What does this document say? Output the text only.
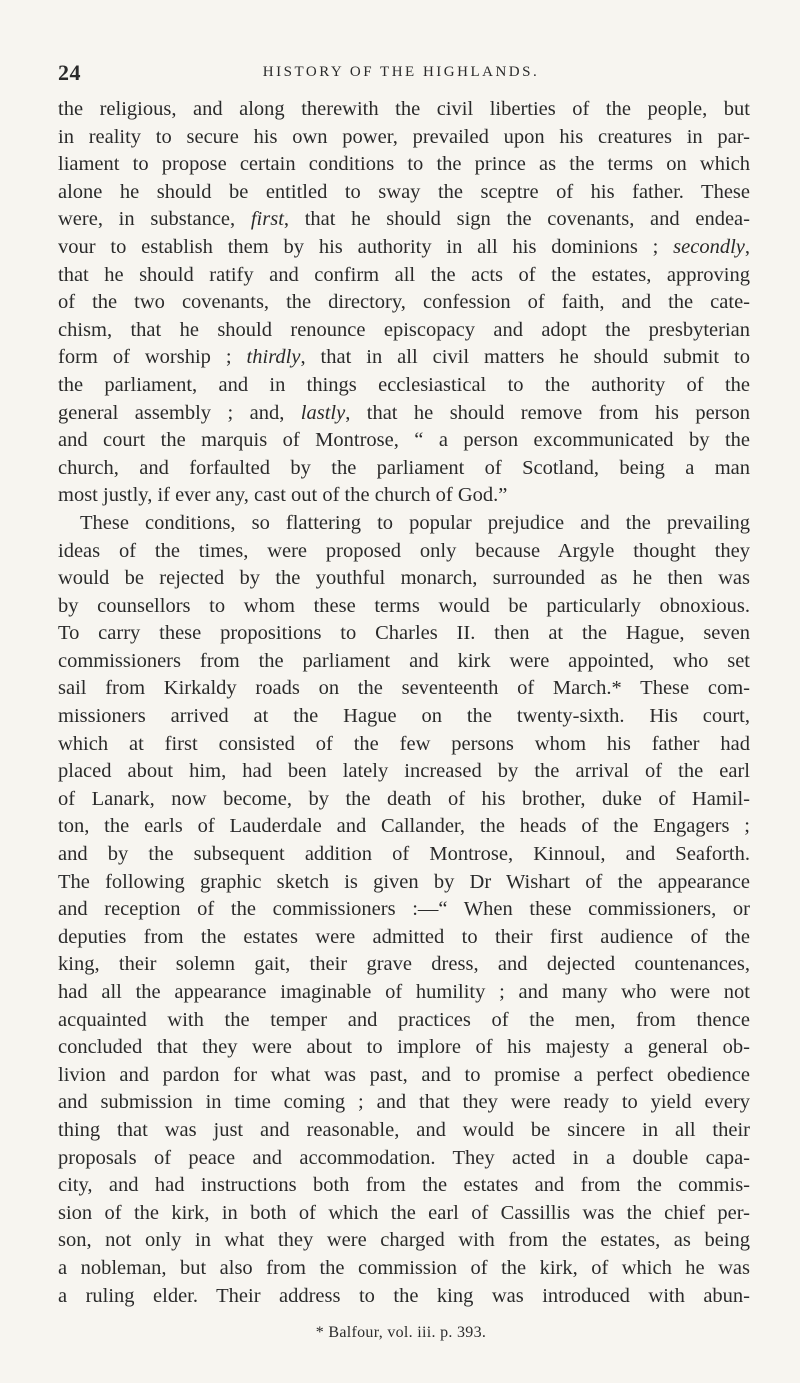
24	HISTORY OF THE HIGHLANDS.
the religious, and along therewith the civil liberties of the people, but
in reality to secure his own power, prevailed upon his creatures in par-
liament to propose certain conditions to the prince as the terms on which
alone he should be entitled to sway the sceptre of his father. These
were, in substance, first, that he should sign the covenants, and endea-
vour to establish them by his authority in all his dominions ; secondly,
that he should ratify and confirm all the acts of the estates, approving
of the two covenants, the directory, confession of faith, and the cate-
chism, that he should renounce episcopacy and adopt the presbyterian
form of worship ; thirdly, that in all civil matters he should submit to
the parliament, and in things ecclesiastical to the authority of the
general assembly ; and, lastly, that he should remove from his person
and court the marquis of Montrose, “ a person excommunicated by the
church, and forfaulted by the parliament of Scotland, being a man
most justly, if ever any, cast out of the church of God.”
These conditions, so flattering to popular prejudice and the prevailing
ideas of the times, were proposed only because Argyle thought they
would be rejected by the youthful monarch, surrounded as he then was
by counsellors to whom these terms would be particularly obnoxious.
To carry these propositions to Charles II. then at the Hague, seven
commissioners from the parliament and kirk were appointed, who set
sail from Kirkaldy roads on the seventeenth of March.* These com-
missioners arrived at the Hague on the twenty-sixth. His court,
which at first consisted of the few persons whom his father had
placed about him, had been lately increased by the arrival of the earl
of Lanark, now become, by the death of his brother, duke of Hamil-
ton, the earls of Lauderdale and Callander, the heads of the Engagers ;
and by the subsequent addition of Montrose, Kinnoul, and Seaforth.
The following graphic sketch is given by Dr Wishart of the appearance
and reception of the commissioners :—“ When these commissioners, or
deputies from the estates were admitted to their first audience of the
king, their solemn gait, their grave dress, and dejected countenances,
had all the appearance imaginable of humility ; and many who were not
acquainted with the temper and practices of the men, from thence
concluded that they were about to implore of his majesty a general ob-
livion and pardon for what was past, and to promise a perfect obedience
and submission in time coming ; and that they were ready to yield every
thing that was just and reasonable, and would be sincere in all their
proposals of peace and accommodation. They acted in a double capa-
city, and had instructions both from the estates and from the commis-
sion of the kirk, in both of which the earl of Cassillis was the chief per-
son, not only in what they were charged with from the estates, as being
a nobleman, but also from the commission of the kirk, of which he was
a ruling elder. Their address to the king was introduced with abun-
* Balfour, vol. iii. p. 393.
